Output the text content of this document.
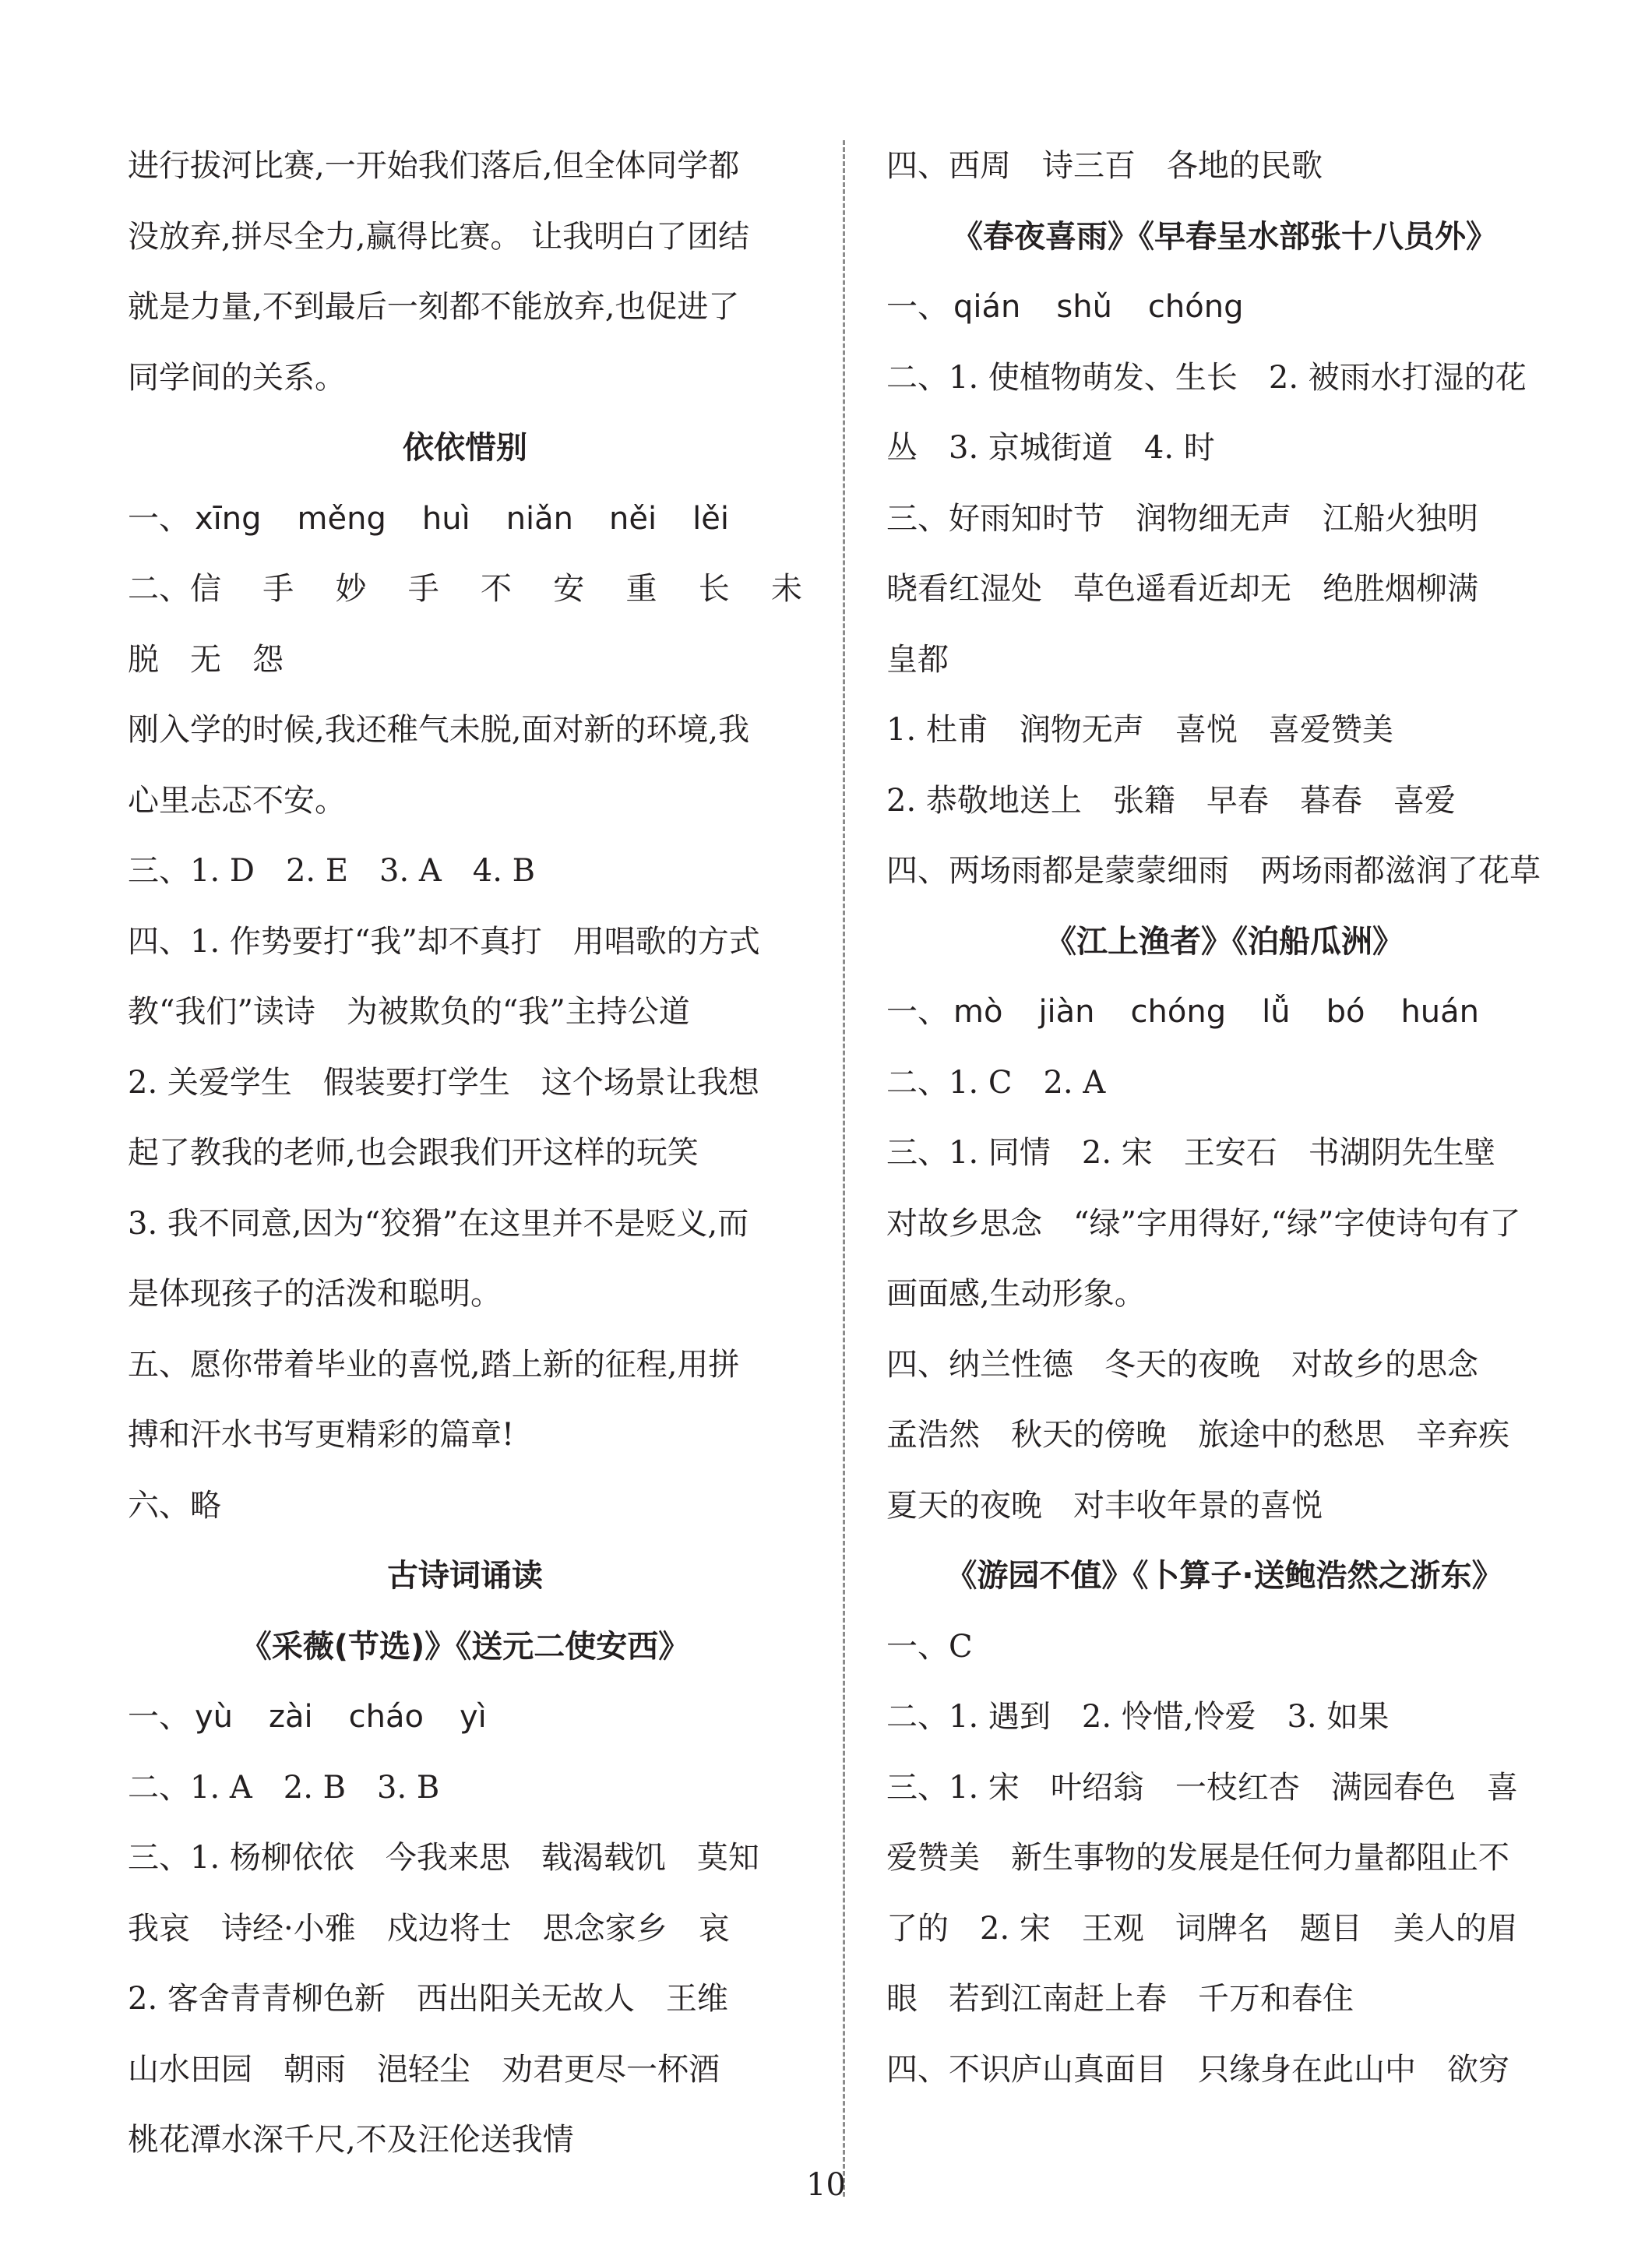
进行拔河比赛,一开始我们落后,但全体同学都
没放弃,拼尽全力,赢得比赛。 让我明白了团结
就是力量,不到最后一刻都不能放弃,也促进了
同学间的关系。
依依惜别
一、 xīng měng huì niǎn něi lěi
二、信 手 妙 手 不 安 重 长 未
脱　无　怨
刚入学的时候,我还稚气未脱,面对新的环境,我
心里忐忑不安。
三、1. D　2. E　3. A　4. B
四、1. 作势要打“我”却不真打　用唱歌的方式
教“我们”读诗　为被欺负的“我”主持公道
2. 关爱学生　假装要打学生　这个场景让我想
起了教我的老师,也会跟我们开这样的玩笑
3. 我不同意,因为“狡猾”在这里并不是贬义,而
是体现孩子的活泼和聪明。
五、愿你带着毕业的喜悦,踏上新的征程,用拼
搏和汗水书写更精彩的篇章!
六、略
古诗词诵读
《采薇(节选)》《送元二使安西》
一、 yù zài cháo yì
二、1. A　2. B　3. B
三、1. 杨柳依依　今我来思　载渴载饥　莫知
我哀　诗经·小雅　戍边将士　思念家乡　哀
2. 客舍青青柳色新　西出阳关无故人　王维
山水田园　朝雨　浥轻尘　劝君更尽一杯酒
桃花潭水深千尺,不及汪伦送我情
四、西周　诗三百　各地的民歌
《春夜喜雨》《早春呈水部张十八员外》
一、 qián shǔ chóng
二、1. 使植物萌发、生长　2. 被雨水打湿的花
丛　3. 京城街道　4. 时
三、好雨知时节　润物细无声　江船火独明
晓看红湿处　草色遥看近却无　绝胜烟柳满
皇都
1. 杜甫　润物无声　喜悦　喜爱赞美
2. 恭敬地送上　张籍　早春　暮春　喜爱
四、两场雨都是蒙蒙细雨　两场雨都滋润了花草
《江上渔者》《泊船瓜洲》
一、 mò jiàn chóng lǚ bó huán
二、1. C　2. A
三、1. 同情　2. 宋　王安石　书湖阴先生壁
对故乡思念　“绿”字用得好,“绿”字使诗句有了
画面感,生动形象。
四、纳兰性德　冬天的夜晚　对故乡的思念
孟浩然　秋天的傍晚　旅途中的愁思　辛弃疾
夏天的夜晚　对丰收年景的喜悦
《游园不值》《卜算子·送鲍浩然之浙东》
一、C
二、1. 遇到　2. 怜惜,怜爱　3. 如果
三、1. 宋　叶绍翁　一枝红杏　满园春色　喜
爱赞美　新生事物的发展是任何力量都阻止不
了的　2. 宋　王观　词牌名　题目　美人的眉
眼　若到江南赶上春　千万和春住
四、不识庐山真面目　只缘身在此山中　欲穷
10
